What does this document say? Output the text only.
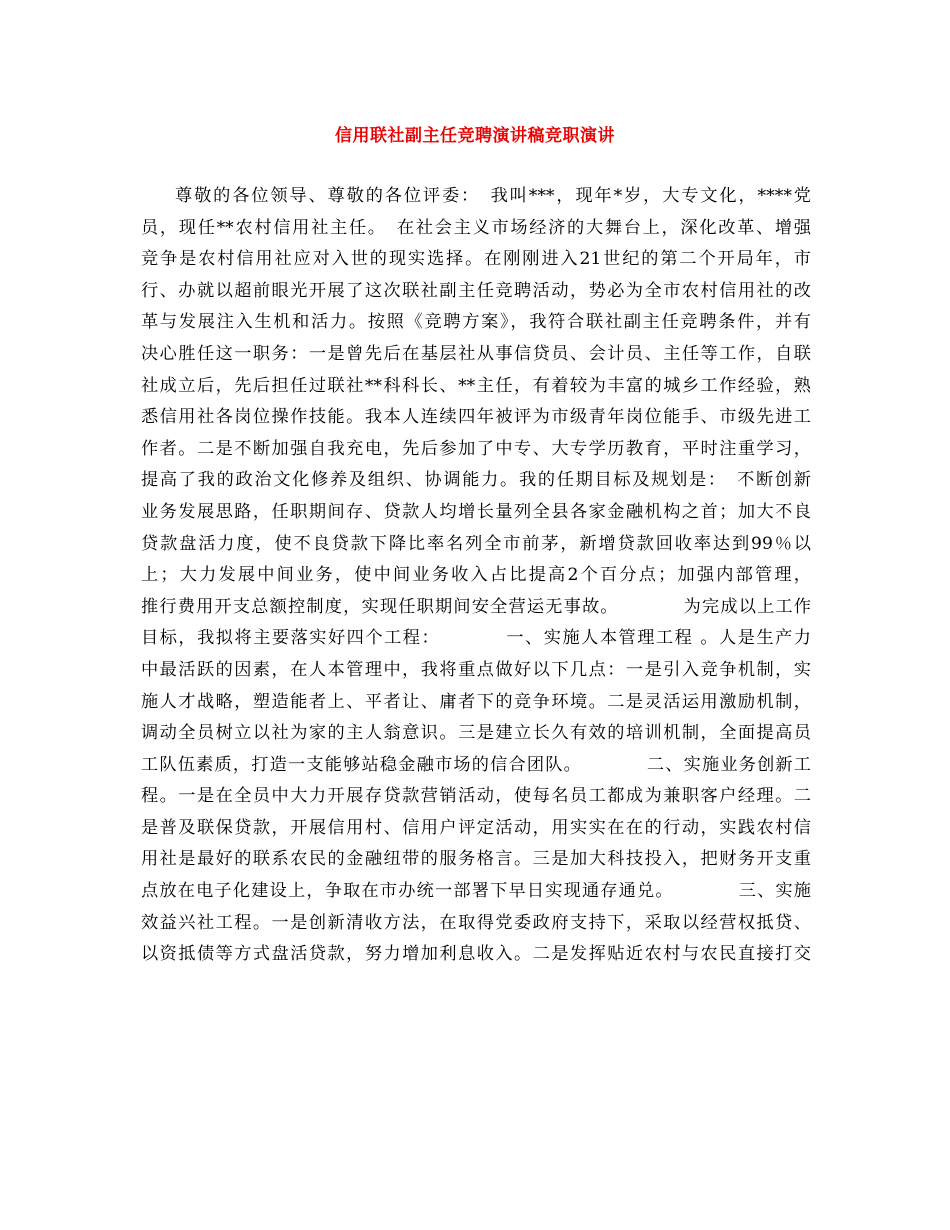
信用联社副主任竞聘演讲稿竞职演讲
尊敬的各位领导、尊敬的各位评委：　我叫***，现年*岁，大专文化，****党
员，现任**农村信用社主任。　在社会主义市场经济的大舞台上，深化改革、增强
竞争是农村信用社应对入世的现实选择。在刚刚进入21世纪的第二个开局年，市
行、办就以超前眼光开展了这次联社副主任竞聘活动，势必为全市农村信用社的改
革与发展注入生机和活力。按照《竞聘方案》，我符合联社副主任竞聘条件，并有
决心胜任这一职务：一是曾先后在基层社从事信贷员、会计员、主任等工作，自联
社成立后，先后担任过联社**科科长、**主任，有着较为丰富的城乡工作经验，熟
悉信用社各岗位操作技能。我本人连续四年被评为市级青年岗位能手、市级先进工
作者。二是不断加强自我充电，先后参加了中专、大专学历教育，平时注重学习，
提高了我的政治文化修养及组织、协调能力。我的任期目标及规划是：　不断创新
业务发展思路，任职期间存、贷款人均增长量列全县各家金融机构之首；加大不良
贷款盘活力度，使不良贷款下降比率名列全市前茅，新增贷款回收率达到99％以
上；大力发展中间业务，使中间业务收入占比提高2个百分点；加强内部管理，
推行费用开支总额控制度，实现任职期间安全营运无事故。　　　　为完成以上工作
目标，我拟将主要落实好四个工程：　　　　一、实施人本管理工程 。人是生产力
中最活跃的因素，在人本管理中，我将重点做好以下几点：一是引入竞争机制，实
施人才战略，塑造能者上、平者让、庸者下的竞争环境。二是灵活运用激励机制，
调动全员树立以社为家的主人翁意识。三是建立长久有效的培训机制，全面提高员
工队伍素质，打造一支能够站稳金融市场的信合团队。　　　　二、实施业务创新工
程。一是在全员中大力开展存贷款营销活动，使每名员工都成为兼职客户经理。二
是普及联保贷款，开展信用村、信用户评定活动，用实实在在的行动，实践农村信
用社是最好的联系农民的金融纽带的服务格言。三是加大科技投入，把财务开支重
点放在电子化建设上，争取在市办统一部署下早日实现通存通兑。　　　　三、实施
效益兴社工程。一是创新清收方法，在取得党委政府支持下，采取以经营权抵贷、
以资抵债等方式盘活贷款，努力增加利息收入。二是发挥贴近农村与农民直接打交
